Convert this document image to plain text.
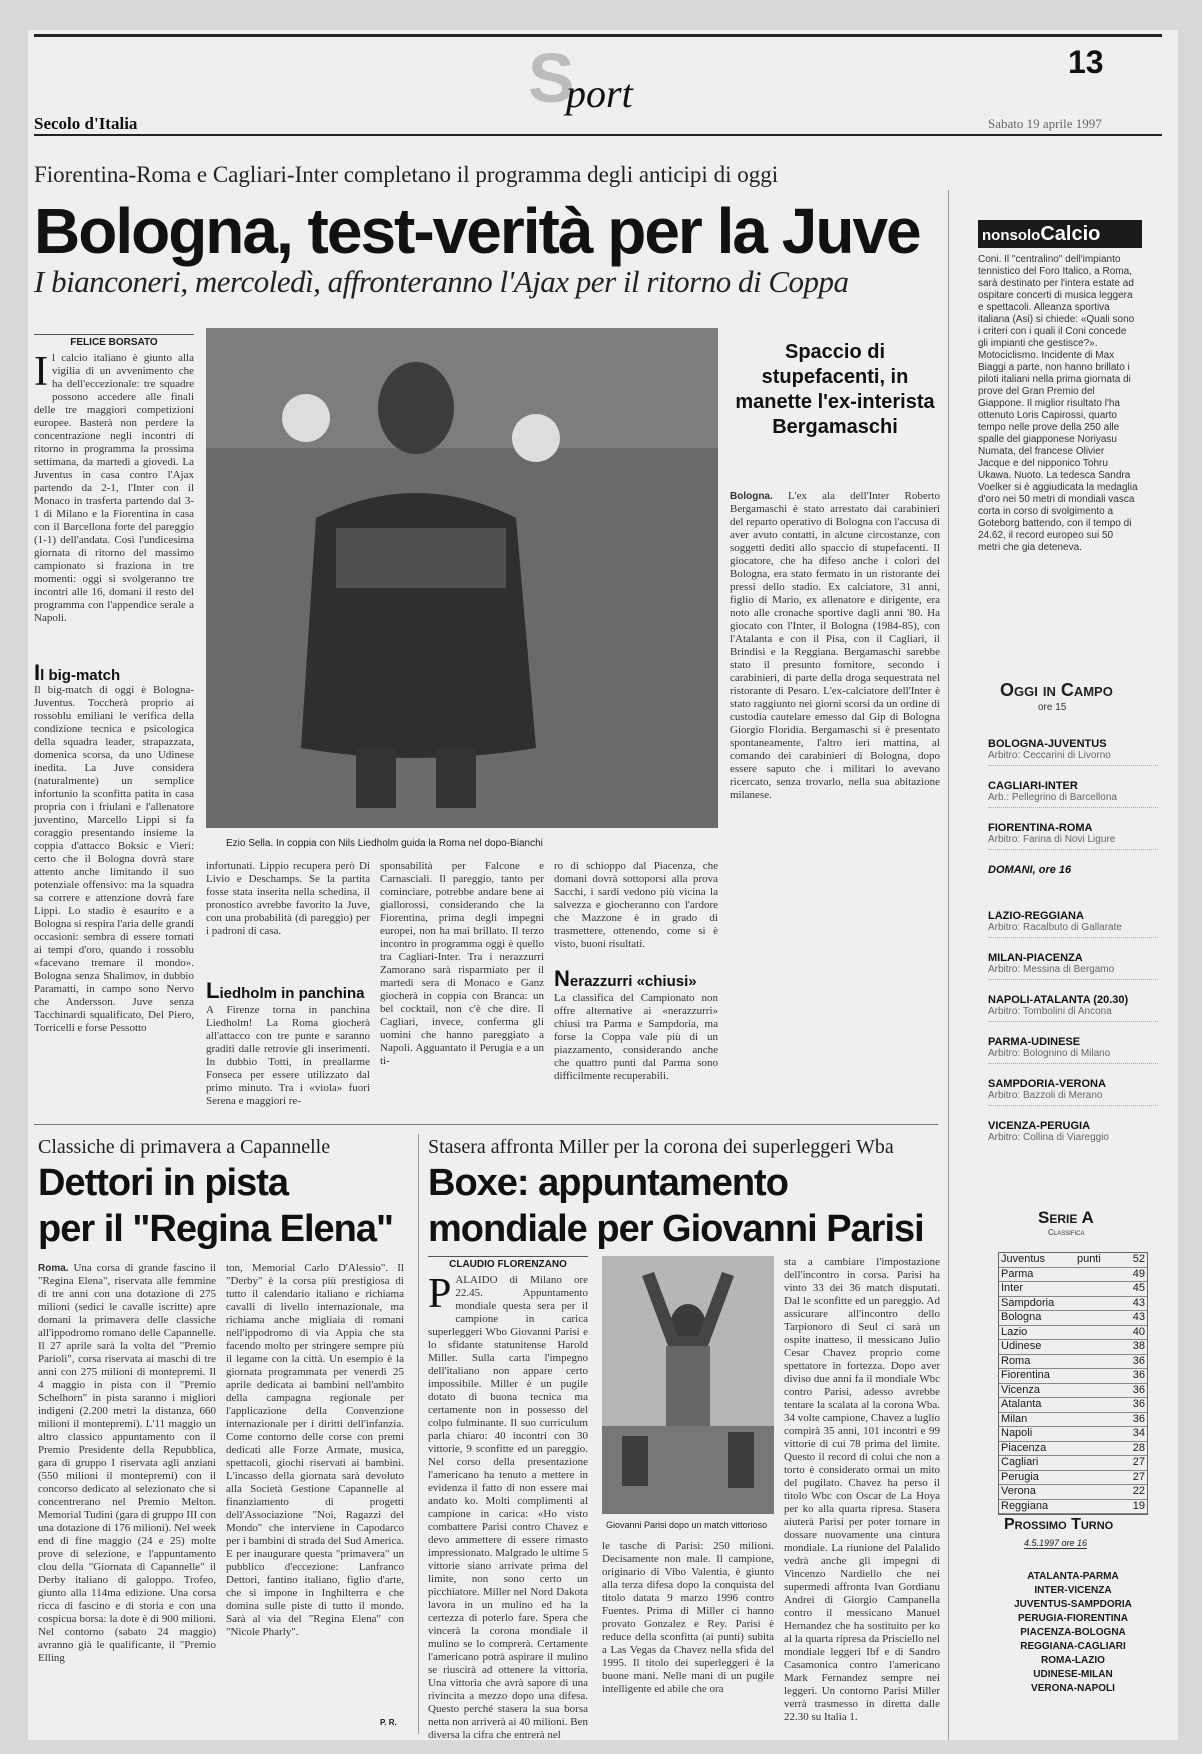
S
port
13
Secolo d'Italia	Sabato 19 aprile 1997
Fiorentina-Roma e Cagliari-Inter completano il programma degli anticipi di oggi
Bologna, test-verità per la Juve
I bianconeri, mercoledì, affronteranno l'Ajax per il ritorno di Coppa
FELICE BORSATO
Il calcio italiano è giunto alla vigilia di un avvenimento che ha dell'eccezionale: tre squadre possono accedere alle finali delle tre maggiori competizioni europee. Basterà non perdere la concentrazione negli incontri di ritorno in programma la prossima settimana, da martedì a giovedì. La Juventus in casa contro l'Ajax partendo da 2-1, l'Inter con il Monaco in trasferta partendo dal 3-1 di Milano e la Fiorentina in casa con il Barcellona forte del pareggio (1-1) dell'andata. Così l'undicesima giornata di ritorno del massimo campionato si fraziona in tre momenti: oggi si svolgeranno tre incontri alle 16, domani il resto del programma con l'appendice serale a Napoli.
Il big-match
Il big-match di oggi è Bologna-Juventus. Toccherà proprio ai rossoblu emiliani le verifica della condizione tecnica e psicologica della squadra leader, strapazzata, domenica scorsa, da uno Udinese inedita. La Juve considera (naturalmente) un semplice infortunio la sconfitta patita in casa propria con i friulani e l'allenatore juventino, Marcello Lippi si fa coraggio presentando insieme la coppia d'attacco Boksic e Vieri: certo che il Bologna dovrà stare attento anche limitando il suo potenziale offensivo: ma la squadra sa correre e attenzione dovrà fare Lippi. Lo stadio è esaurito e a Bologna si respira l'aria delle grandi occasioni: sembra di essere tornati ai tempi d'oro, quando i rossoblu «facevano tremare il mondo». Bologna senza Shalimov, in dubbio Paramatti, in campo sono Nervo che Andersson. Juve senza Tacchinardi squalificato, Del Piero, Torricelli e forse Pessotto
Ezio Sella. In coppia con Nils Liedholm guida la Roma nel dopo-Bianchi
infortunati. Lippio recupera però Di Livio e Deschamps. Se la partita fosse stata inserita nella schedina, il pronostico avrebbe favorito la Juve, con una probabilità (di pareggio) per i padroni di casa.
Liedholm in panchina
A Firenze torna in panchina Liedholm! La Roma giocherà all'attacco con tre punte e saranno graditi dalle retrovie gli inserimenti. In dubbio Totti, in preallarme Fonseca per essere utilizzato dal primo minuto. Tra i «viola» fuori Serena e maggiori re-
sponsabilità per Falcone e Carnasciali. Il pareggio, tanto per cominciare, potrebbe andare bene ai giallorossi, considerando che la Fiorentina, prima degli impegni europei, non ha mai brillato. Il terzo incontro in programma oggi è quello tra Cagliari-Inter. Tra i nerazzurri Zamorano sarà risparmiato per il martedì sera di Monaco e Ganz giocherà in coppia con Branca: un bel cocktail, non c'è che dire. Il Cagliari, invece, conferma gli uomini che hanno pareggiato a Napoli. Agguantato il Perugia e a un ti-
ro di schioppo dal Piacenza, che domani dovrà sottoporsi alla prova Sacchi, i sardi vedono più vicina la salvezza e giocheranno con l'ardore che Mazzone è in grado di trasmettere, ottenendo, come si è visto, buoni risultati.
Nerazzurri «chiusi»
La classifica del Campionato non offre alternative ai «nerazzurri» chiusi tra Parma e Sampdoria, ma forse la Coppa vale più di un piazzamento, considerando anche che quattro punti dal Parma sono difficilmente recuperabili.
Spaccio di stupefacenti, in manette l'ex-interista Bergamaschi
Bologna. L'ex ala dell'Inter Roberto Bergamaschi è stato arrestato dai carabinieri del reparto operativo di Bologna con l'accusa di aver avuto contatti, in alcune circostanze, con soggetti dediti allo spaccio di stupefacenti. Il giocatore, che ha difeso anche i colori del Bologna, era stato fermato in un ristorante dei pressi dello stadio. Ex calciatore, 31 anni, figlio di Mario, ex allenatore e dirigente, era noto alle cronache sportive dagli anni '80. Ha giocato con l'Inter, il Bologna (1984-85), con l'Atalanta e con il Pisa, con il Cagliari, il Brindisi e la Reggiana. Bergamaschi sarebbe stato il presunto fornitore, secondo i carabinieri, di parte della droga sequestrata nel ristorante di Pesaro. L'ex-calciatore dell'Inter è stato raggiunto nei giorni scorsi da un ordine di custodia cautelare emesso dal Gip di Bologna Giorgio Floridia. Bergamaschi si è presentato spontaneamente, l'altro ieri mattina, al comando dei carabinieri di Bologna, dopo essere saputo che i militari lo avevano ricercato, senza trovarlo, nella sua abitazione milanese.
nonsoloCalcio
Coni. Il "centralino" dell'impianto tennistico del Foro Italico, a Roma, sarà destinato per l'intera estate ad ospitare concerti di musica leggera e spettacoli. Alleanza sportiva italiana (Asi) si chiede: «Quali sono i criteri con i quali il Coni concede gli impianti che gestisce?». Motociclismo. Incidente di Max Biaggi a parte, non hanno brillato i piloti italiani nella prima giornata di prove del Gran Premio del Giappone. Il miglior risultato l'ha ottenuto Loris Capirossi, quarto tempo nelle prove della 250 alle spalle del giapponese Noriyasu Numata, del francese Olivier Jacque e del nipponico Tohru Ukawa. Nuoto. La tedesca Sandra Voelker si è aggiudicata la medaglia d'oro nei 50 metri di mondiali vasca corta in corso di svolgimento a Goteborg battendo, con il tempo di 24.62, il record europeo sui 50 metri che gia deteneva.
Oggi in Campo
ore 15
BOLOGNA-JUVENTUS
Arbitro: Ceccarini di Livorno
CAGLIARI-INTER
Arb.: Pellegrino di Barcellona
FIORENTINA-ROMA
Arbitro: Farina di Novi Ligure
DOMANI, ore 16
LAZIO-REGGIANA
Arbitro: Racalbuto di Gallarate
MILAN-PIACENZA
Arbitro: Messina di Bergamo
NAPOLI-ATALANTA (20.30)
Arbitro: Tombolini di Ancona
PARMA-UDINESE
Arbitro: Bolognino di Milano
SAMPDORIA-VERONA
Arbitro: Bazzoli di Merano
VICENZA-PERUGIA
Arbitro: Collina di Viareggio
Serie A
Classifica
Juventus	punti	52
Parma	49
Inter	45
Sampdoria	43
Bologna	43
Lazio	40
Udinese	38
Roma	36
Fiorentina	36
Vicenza	36
Atalanta	36
Milan	36
Napoli	34
Piacenza	28
Cagliari	27
Perugia	27
Verona	22
Reggiana	19
Prossimo Turno
4.5.1997 ore 16
ATALANTA-PARMA
INTER-VICENZA
JUVENTUS-SAMPDORIA
PERUGIA-FIORENTINA
PIACENZA-BOLOGNA
REGGIANA-CAGLIARI
ROMA-LAZIO
UDINESE-MILAN
VERONA-NAPOLI
Classiche di primavera a Capannelle
Dettori in pista
per il "Regina Elena"
Roma. Una corsa di grande fascino il "Regina Elena", riservata alle femmine di tre anni con una dotazione di 275 milioni (sedici le cavalle iscritte) apre domani la primavera delle classiche all'ippodromo romano delle Capannelle. Il 27 aprile sarà la volta del "Premio Parioli", corsa riservata ai maschi di tre anni con 275 milioni di montepremi. Il 4 maggio in pista con il "Premio Schelhorn" in pista saranno i migliori indigeni (2.200 metri la distanza, 660 milioni il montepremi). L'11 maggio un altro classico appuntamento con il Premio Presidente della Repubblica, gara di gruppo I riservata agli anziani (550 milioni il montepremi) con il concorso dedicato al selezionato che si concentrerano nel Premio Melton. Memorial Tudini (gara di gruppo III con una dotazione di 176 milioni). Nel week end di fine maggio (24 e 25) molte prove di selezione, e l'appuntamento clou della "Giornata di Capannelle" il Derby italiano di galoppo. Trofeo, giunto alla 114ma edizione. Una corsa ricca di fascino e di storia e con una cospicua borsa: la dote è di 900 milioni. Nel contorno (sabato 24 maggio) avranno già le qualificante, il "Premio Elling
ton, Memorial Carlo D'Alessio". Il "Derby" è la corsa più prestigiosa di tutto il calendario italiano e richiama cavalli di livello internazionale, ma richiama anche migliaia di romani nell'ippodromo di via Appia che sta facendo molto per stringere sempre più il legame con la città. Un esempio è la giornata programmata per venerdì 25 aprile dedicata ai bambini nell'ambito della campagna regionale per l'applicazione della Convenzione internazionale per i diritti dell'infanzia. Come contorno delle corse con premi dedicati alle Forze Armate, musica, spettacoli, giochi riservati ai bambini. L'incasso della giornata sarà devoluto alla Società Gestione Capannelle al finanziamento di progetti dell'Associazione "Noi, Ragazzi del Mondo" che interviene in Capodarco per i bambini di strada del Sud America. E per inaugurare questa "primavera" un pubblico d'eccezione: Lanfranco Dettori, fantino italiano, figlio d'arte, che si impone in Inghilterra e che domina sulle piste di tutto il mondo. Sarà al via del "Regina Elena" con "Nicole Pharly".
P. R.
Stasera affronta Miller per la corona dei superleggeri Wba
Boxe: appuntamento
mondiale per Giovanni Parisi
CLAUDIO FLORENZANO
PALAIDO di Milano ore 22.45. Appuntamento mondiale questa sera per il campione in carica superleggeri Wbo Giovanni Parisi e lo sfidante statunitense Harold Miller. Sulla carta l'impegno dell'italiano non appare certo impossibile. Miller è un pugile dotato di buona tecnica ma certamente non in possesso del colpo fulminante. Il suo curriculum parla chiaro: 40 incontri con 30 vittorie, 9 sconfitte ed un pareggio. Nel corso della presentazione l'americano ha tenuto a mettere in evidenza il fatto di non essere mai andato ko. Molti complimenti al campione in carica: «Ho visto combattere Parisi contro Chavez e devo ammettere di essere rimasto impressionato. Malgrado le ultime 5 vittorie siano arrivate prima del limite, non sono certo un picchiatore. Miller nel Nord Dakota lavora in un mulino ed ha la certezza di poterlo fare. Spera che vincerà la corona mondiale il mulino se lo comprerà. Certamente l'americano potrà aspirare il mulino se riuscirà ad ottenere la vittoria. Una vittoria che avrà sapore di una rivincita a mezzo dopo una difesa. Questo perché stasera la sua borsa netta non arriverà ai 40 milioni. Ben diversa la cifra che entrerà nel
Giovanni Parisi dopo un match vittorioso
le tasche di Parisi: 250 milioni. Decisamente non male. Il campione, originario di Vibo Valentia, è giunto alla terza difesa dopo la conquista del titolo datata 9 marzo 1996 contro Fuentes. Prima di Miller ci hanno provato Gonzalez e Rey. Parisi è reduce della sconfitta (ai punti) subita a Las Vegas da Chavez nella sfida del 1995. Il titolo dei superleggeri è la buone mani. Nelle mani di un pugile intelligente ed abile che ora
sta a cambiare l'impostazione dell'incontro in corsa. Parisi ha vinto 33 dei 36 match disputati. Dal le sconfitte ed un pareggio. Ad assicurare all'incontro dello Tarpionoro di Seul ci sarà un ospite inatteso, il messicano Julio Cesar Chavez proprio come spettatore in fortezza. Dopo aver diviso due anni fa il mondiale Wbc contro Parisi, adesso avrebbe tentare la scalata al la corona Wba. 34 volte campione, Chavez a luglio compirà 35 anni, 101 incontri e 99 vittorie di cui 78 prima del limite. Questo il record di colui che non a torto è considerato ormai un mito del pugilato. Chavez ha perso il titolo Wbc con Oscar de La Hoya per ko alla quarta ripresa. Stasera aiuterà Parisi per poter tornare in dossare nuovamente una cintura mondiale. La riunione del Palalido vedrà anche gli impegni di Vincenzo Nardiello che nei supermedi affronta Ivan Gordianu Andrei di Giorgio Campanella contro il messicano Manuel Hernandez che ha sostituito per ko al la quarta ripresa da Prisciello nel mondiale leggeri Ibf e di Sandro Casamonica contro l'americano Mark Fernandez sempre nei leggeri. Un contorno Parisi Miller verrà trasmesso in diretta dalle 22.30 su Italia 1.
